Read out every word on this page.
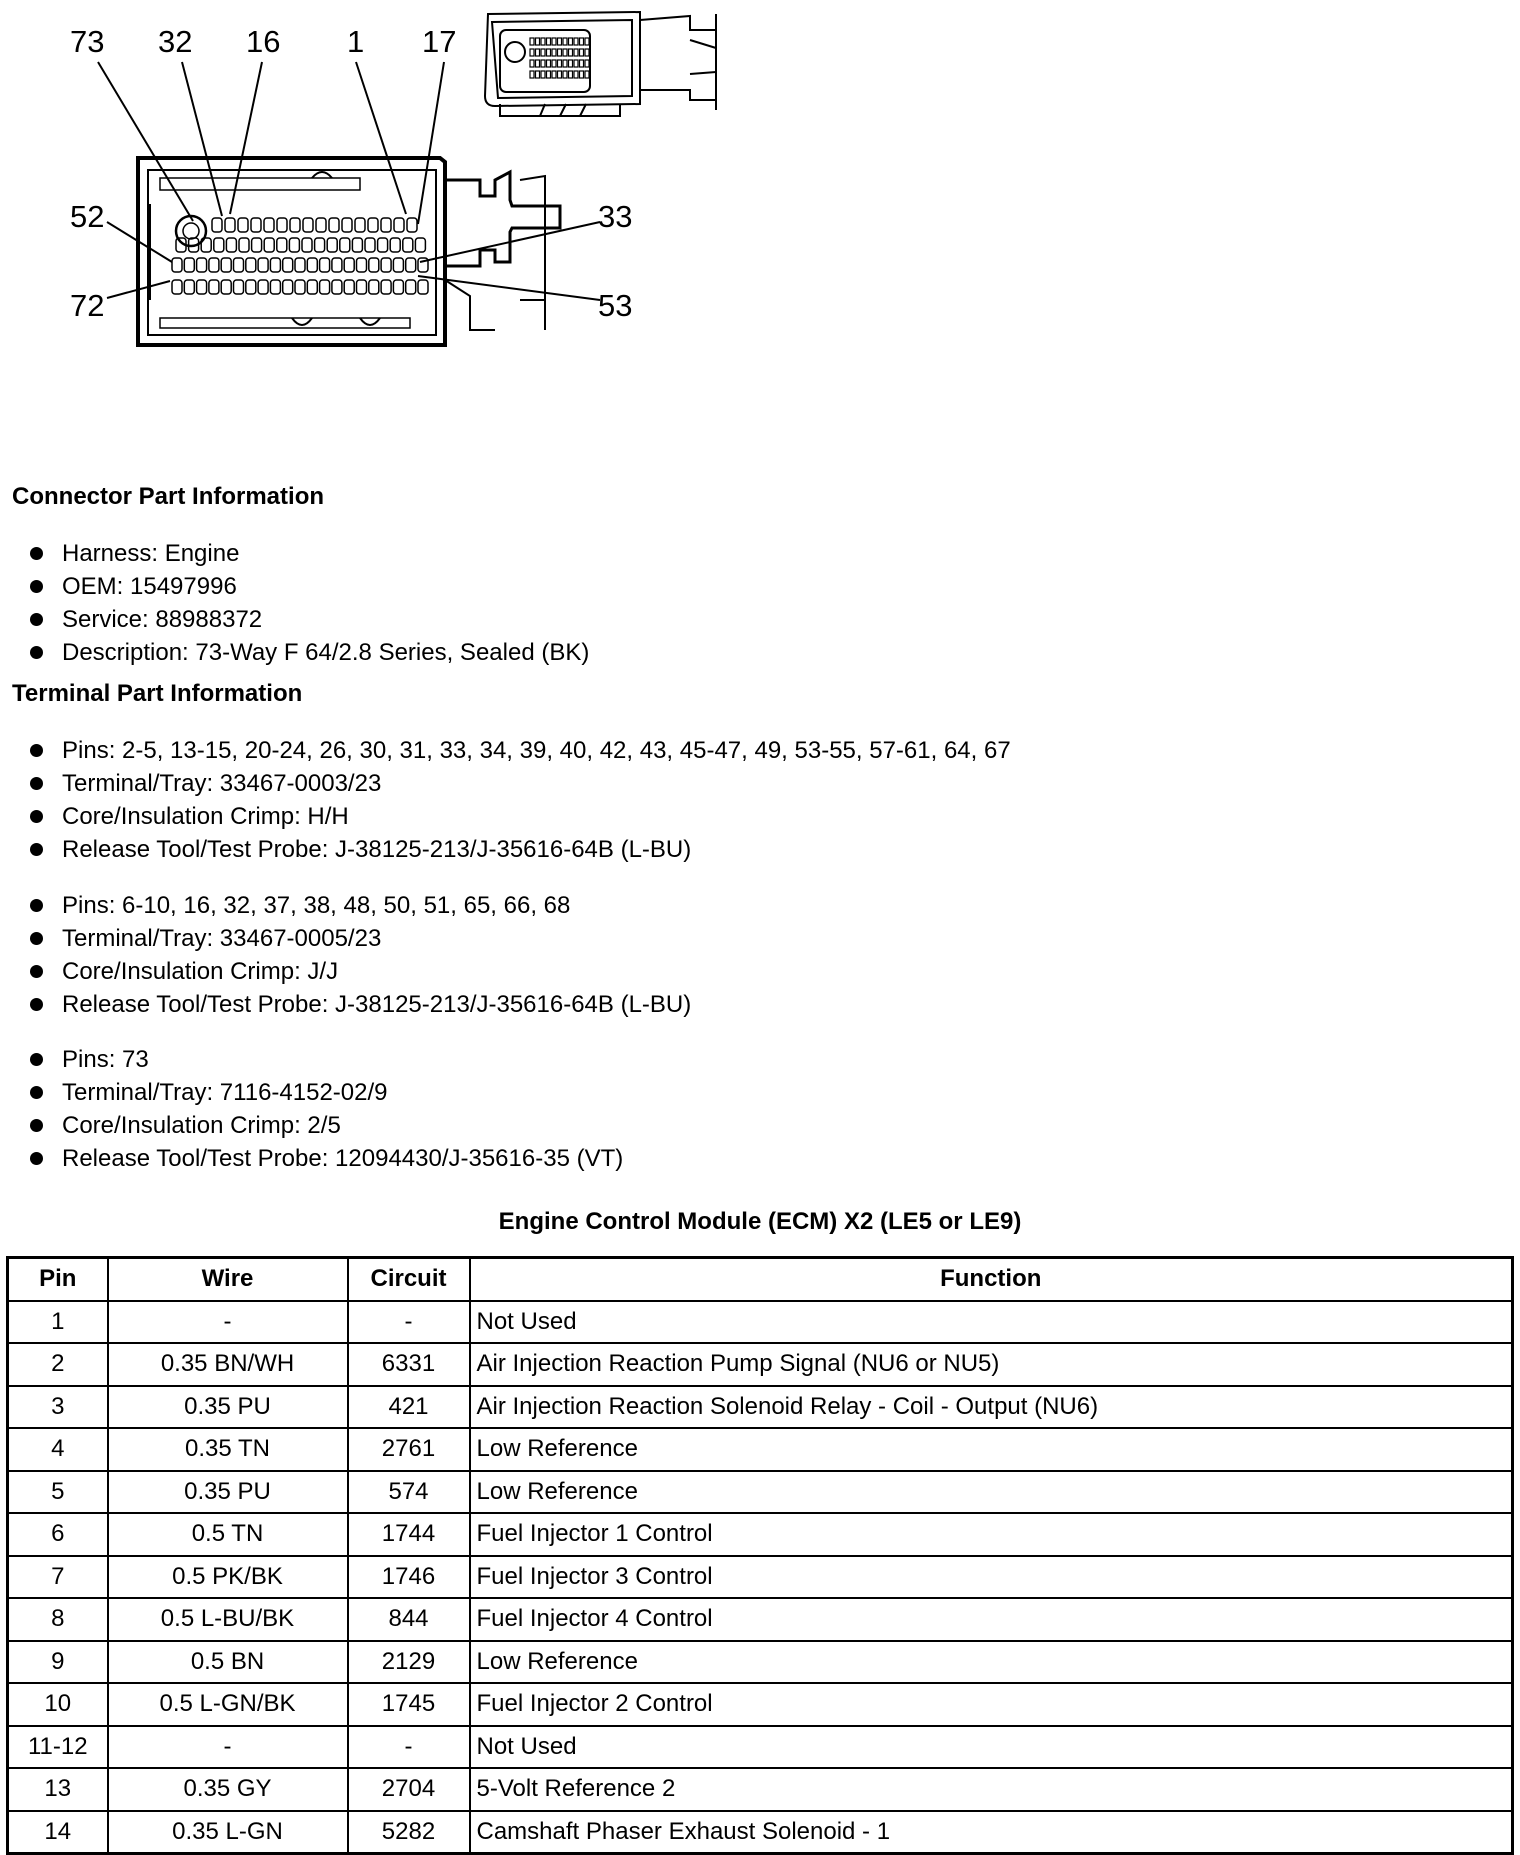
73 32 16 1 17
52
72
33
53
Connector Part Information
Harness: Engine
OEM: 15497996
Service: 88988372
Description: 73-Way F 64/2.8 Series, Sealed (BK)
Terminal Part Information
Pins: 2-5, 13-15, 20-24, 26, 30, 31, 33, 34, 39, 40, 42, 43, 45-47, 49, 53-55, 57-61, 64, 67
Terminal/Tray: 33467-0003/23
Core/Insulation Crimp: H/H
Release Tool/Test Probe: J-38125-213/J-35616-64B (L-BU)
Pins: 6-10, 16, 32, 37, 38, 48, 50, 51, 65, 66, 68
Terminal/Tray: 33467-0005/23
Core/Insulation Crimp: J/J
Release Tool/Test Probe: J-38125-213/J-35616-64B (L-BU)
Pins: 73
Terminal/Tray: 7116-4152-02/9
Core/Insulation Crimp: 2/5
Release Tool/Test Probe: 12094430/J-35616-35 (VT)
Engine Control Module (ECM) X2 (LE5 or LE9)
Pin	Wire	Circuit	Function
1	-	-	Not Used
2	0.35 BN/WH	6331	Air Injection Reaction Pump Signal (NU6 or NU5)
3	0.35 PU	421	Air Injection Reaction Solenoid Relay - Coil - Output (NU6)
4	0.35 TN	2761	Low Reference
5	0.35 PU	574	Low Reference
6	0.5 TN	1744	Fuel Injector 1 Control
7	0.5 PK/BK	1746	Fuel Injector 3 Control
8	0.5 L-BU/BK	844	Fuel Injector 4 Control
9	0.5 BN	2129	Low Reference
10	0.5 L-GN/BK	1745	Fuel Injector 2 Control
11-12	-	-	Not Used
13	0.35 GY	2704	5-Volt Reference 2
14	0.35 L-GN	5282	Camshaft Phaser Exhaust Solenoid - 1
